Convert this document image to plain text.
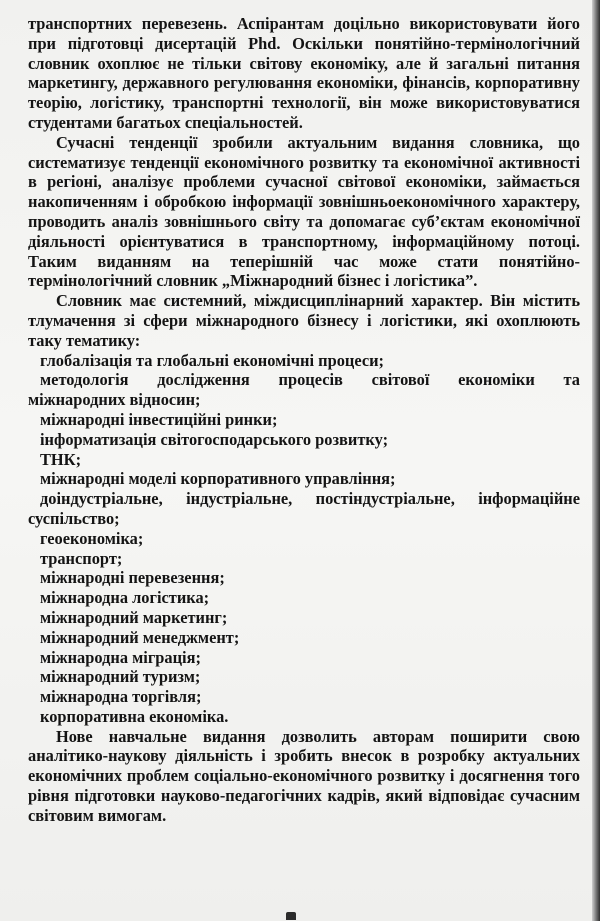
транспортних перевезень. Аспірантам доцільно використовувати його при підготовці дисертацій Phd. Оскільки понятійно-термінологічний словник охоплює не тільки світову економіку, але й загальні питання маркетингу, державного регулювання економіки, фінансів, корпоративну теорію, логістику, транспортні технології, він може використовуватися студентами багатьох спеціальностей.

Сучасні тенденції зробили актуальним видання словника, що систематизує тенденції економічного розвитку та економічної активності в регіоні, аналізує проблеми сучасної світової економіки, займається накопиченням і обробкою інформації зовнішньоекономічного характеру, проводить аналіз зовнішнього світу та допомагає суб’єктам економічної діяльності орієнтуватися в транспортному, інформаційному потоці. Таким виданням на теперішній час може стати понятійно-термінологічний словник „Міжнародний бізнес і логістика”.

Словник має системний, міждисциплінарний характер. Він містить тлумачення зі сфери міжнародного бізнесу і логістики, які охоплюють таку тематику:

глобалізація та глобальні економічні процеси;

методологія дослідження процесів світової економіки та

міжнародних відносин;

міжнародні інвестиційні ринки;

інформатизація світогосподарського розвитку;

ТНК;

міжнародні моделі корпоративного управління;

доіндустріальне, індустріальне, постіндустріальне, інформаційне

суспільство;

геоекономіка;

транспорт;

міжнародні перевезення;

міжнародна логістика;

міжнародний маркетинг;

міжнародний менеджмент;

міжнародна міграція;

міжнародний туризм;

міжнародна торгівля;

корпоративна економіка.

Нове навчальне видання дозволить авторам поширити свою аналітико-наукову діяльність і зробить внесок в розробку актуальних економічних проблем соціально-економічного розвитку і досягнення того рівня підготовки науково-педагогічних кадрів, який відповідає сучасним світовим вимогам.
